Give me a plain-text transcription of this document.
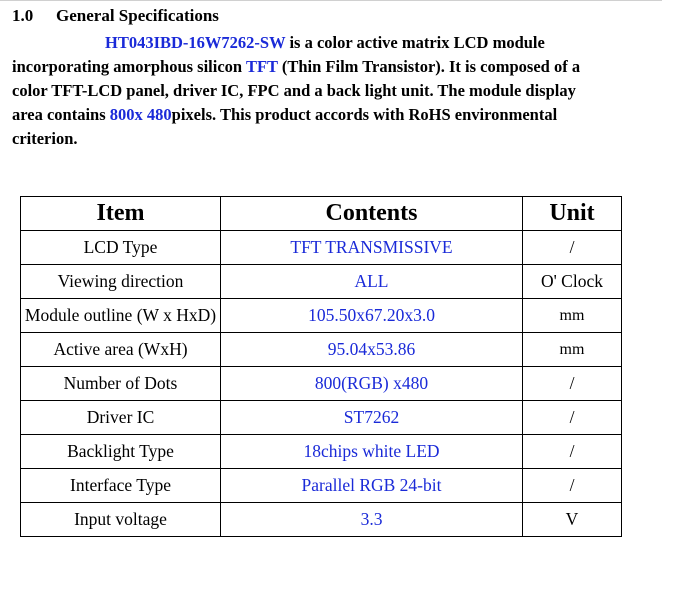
1.0 General Specifications
HT043IBD-16W7262-SW is a color active matrix LCD module
incorporating amorphous silicon TFT (Thin Film Transistor). It is composed of a
color TFT-LCD panel, driver IC, FPC and a back light unit. The module display
area contains 800x 480pixels. This product accords with RoHS environmental
criterion.
Item	Contents	Unit
LCD Type	TFT TRANSMISSIVE	/
Viewing direction	ALL	O' Clock
Module outline (W x HxD)	105.50x67.20x3.0	mm
Active area (WxH)	95.04x53.86	mm
Number of Dots	800(RGB) x480	/
Driver IC	ST7262	/
Backlight Type	18chips white LED	/
Interface Type	Parallel RGB 24-bit	/
Input voltage	3.3	V
